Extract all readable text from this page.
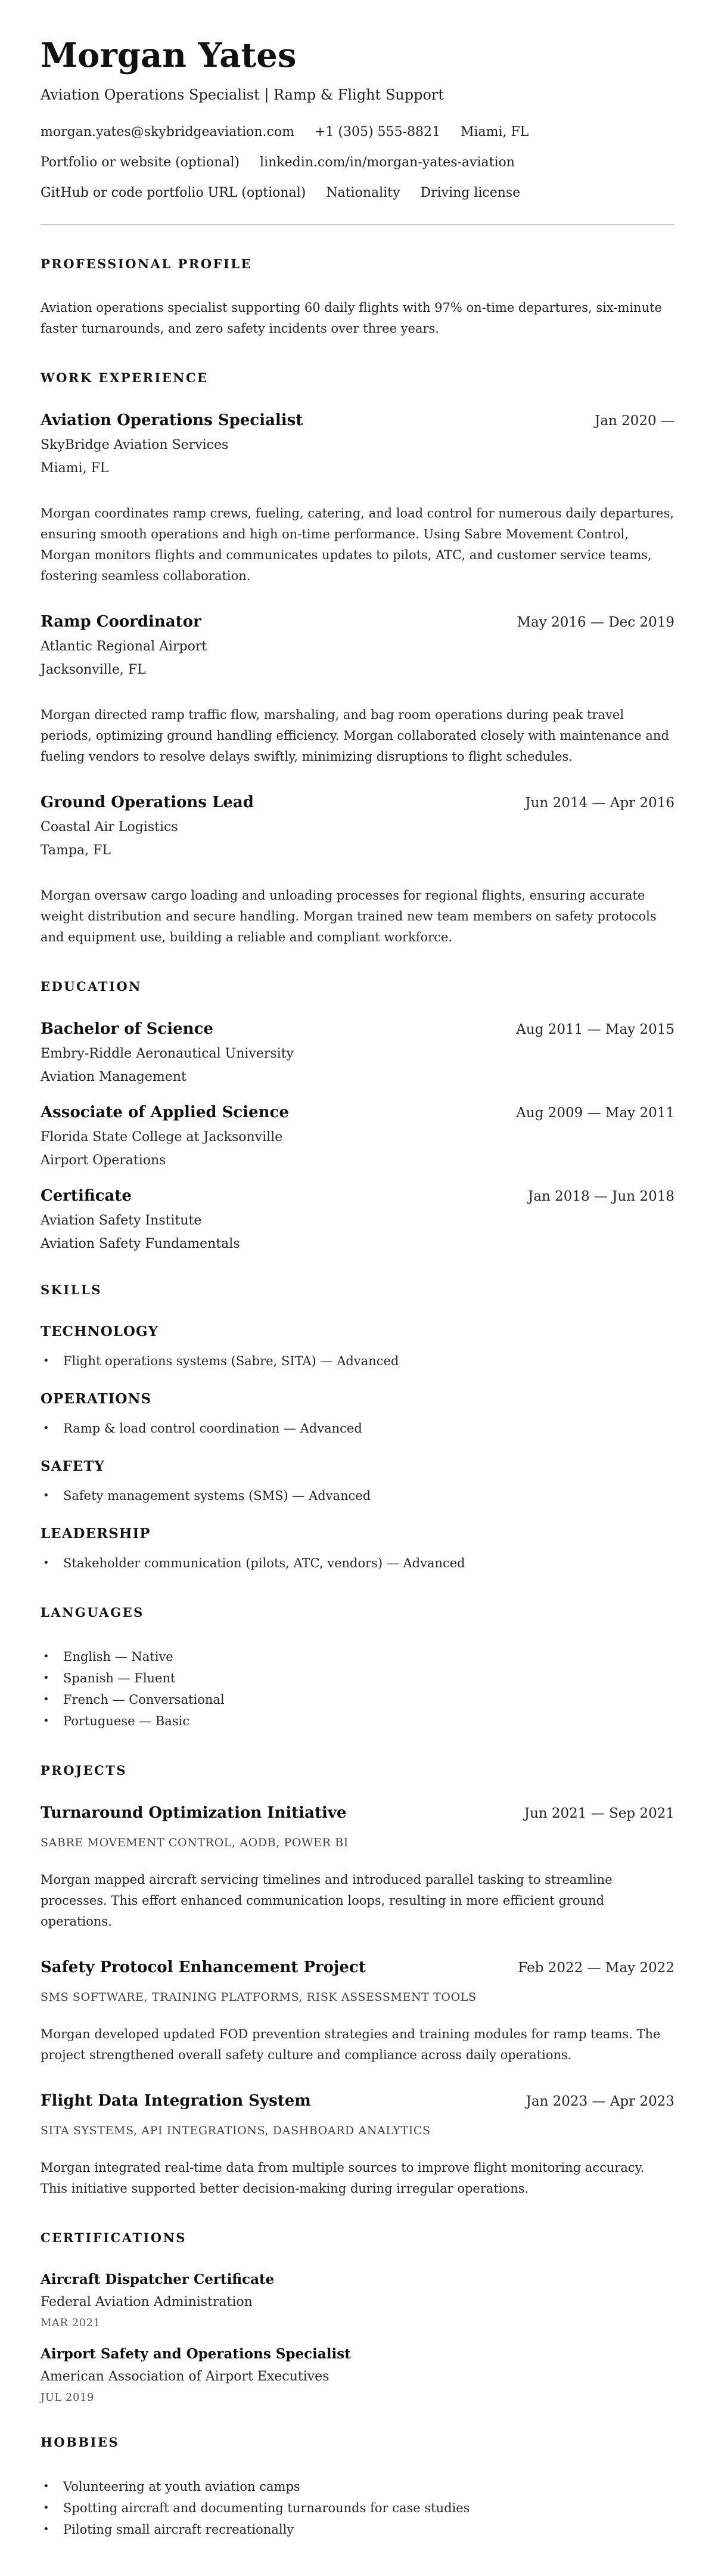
Morgan Yates

Aviation Operations Specialist | Ramp & Flight Support

morgan.yates@skybridgeaviation.com +1 (305) 555-8821 Miami, FL
Portfolio or website (optional) linkedin.com/in/morgan-yates-aviation
GitHub or code portfolio URL (optional) Nationality Driving license
PROFESSIONAL PROFILE

Aviation operations specialist supporting 60 daily flights with 97% on-time departures, six-minute faster turnarounds, and zero safety incidents over three years.

WORK EXPERIENCE
Aviation Operations Specialist	Jan 2020 —
SkyBridge Aviation Services
Miami, FL

Morgan coordinates ramp crews, fueling, catering, and load control for numerous daily departures, ensuring smooth operations and high on-time performance. Using Sabre Movement Control, Morgan monitors flights and communicates updates to pilots, ATC, and customer service teams, fostering seamless collaboration.

Ramp Coordinator	May 2016 — Dec 2019
Atlantic Regional Airport
Jacksonville, FL

Morgan directed ramp traffic flow, marshaling, and bag room operations during peak travel periods, optimizing ground handling efficiency. Morgan collaborated closely with maintenance and fueling vendors to resolve delays swiftly, minimizing disruptions to flight schedules.

Ground Operations Lead	Jun 2014 — Apr 2016
Coastal Air Logistics
Tampa, FL

Morgan oversaw cargo loading and unloading processes for regional flights, ensuring accurate weight distribution and secure handling. Morgan trained new team members on safety protocols and equipment use, building a reliable and compliant workforce.

EDUCATION
Bachelor of Science	Aug 2011 — May 2015
Embry-Riddle Aeronautical University
Aviation Management
Associate of Applied Science	Aug 2009 — May 2011
Florida State College at Jacksonville
Airport Operations
Certificate	Jan 2018 — Jun 2018
Aviation Safety Institute
Aviation Safety Fundamentals
SKILLS
TECHNOLOGY
•	Flight operations systems (Sabre, SITA) — Advanced
OPERATIONS
•	Ramp & load control coordination — Advanced
SAFETY
•	Safety management systems (SMS) — Advanced
LEADERSHIP
•	Stakeholder communication (pilots, ATC, vendors) — Advanced
LANGUAGES
•	English — Native
•	Spanish — Fluent
•	French — Conversational
•	Portuguese — Basic
PROJECTS
Turnaround Optimization Initiative	Jun 2021 — Sep 2021
SABRE MOVEMENT CONTROL, AODB, POWER BI

Morgan mapped aircraft servicing timelines and introduced parallel tasking to streamline processes. This effort enhanced communication loops, resulting in more efficient ground operations.

Safety Protocol Enhancement Project	Feb 2022 — May 2022
SMS SOFTWARE, TRAINING PLATFORMS, RISK ASSESSMENT TOOLS

Morgan developed updated FOD prevention strategies and training modules for ramp teams. The project strengthened overall safety culture and compliance across daily operations.

Flight Data Integration System	Jan 2023 — Apr 2023
SITA SYSTEMS, API INTEGRATIONS, DASHBOARD ANALYTICS

Morgan integrated real-time data from multiple sources to improve flight monitoring accuracy. This initiative supported better decision-making during irregular operations.

CERTIFICATIONS
Aircraft Dispatcher Certificate
Federal Aviation Administration
MAR 2021
Airport Safety and Operations Specialist
American Association of Airport Executives
JUL 2019
HOBBIES
•	Volunteering at youth aviation camps
•	Spotting aircraft and documenting turnarounds for case studies
•	Piloting small aircraft recreationally
